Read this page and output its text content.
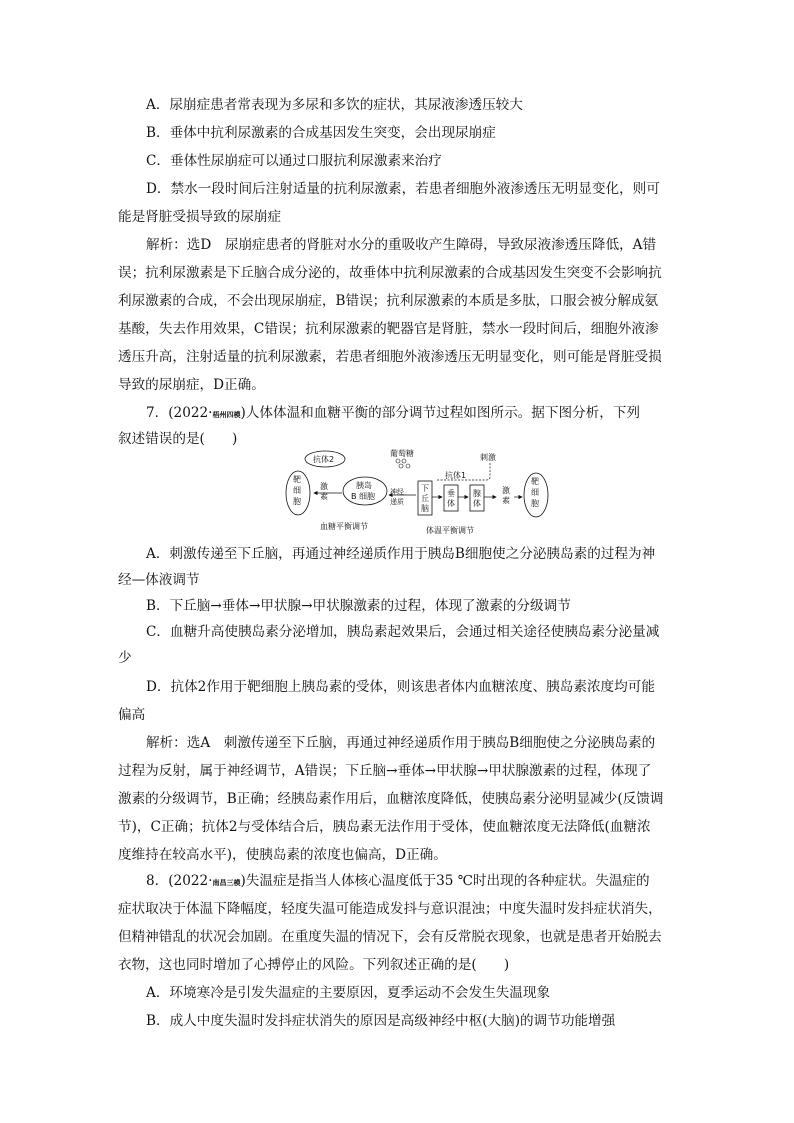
A．尿崩症患者常表现为多尿和多饮的症状，其尿液渗透压较大
B．垂体中抗利尿激素的合成基因发生突变，会出现尿崩症
C．垂体性尿崩症可以通过口服抗利尿激素来治疗
D．禁水一段时间后注射适量的抗利尿激素，若患者细胞外液渗透压无明显变化，则可
能是肾脏受损导致的尿崩症
解析：选D　尿崩症患者的肾脏对水分的重吸收产生障碍，导致尿液渗透压降低，A错
误；抗利尿激素是下丘脑合成分泌的，故垂体中抗利尿激素的合成基因发生突变不会影响抗
利尿激素的合成，不会出现尿崩症，B错误；抗利尿激素的本质是多肽，口服会被分解成氨
基酸，失去作用效果，C错误；抗利尿激素的靶器官是肾脏，禁水一段时间后，细胞外液渗
透压升高，注射适量的抗利尿激素，若患者细胞外液渗透压无明显变化，则可能是肾脏受损
导致的尿崩症，D正确。
7．(2022·梧州四模)人体体温和血糖平衡的部分调节过程如图所示。据下图分析，下列
叙述错误的是(　　)
抗体2
葡萄糖	刺激
抗体1
靶
细
胞
激
素
胰岛
B 细胞 神经
递质
下
丘
脑
垂
体
腺
体
激
素
靶
细
胞
血糖平衡调节	体温平衡调节
A．刺激传递至下丘脑，再通过神经递质作用于胰岛B细胞使之分泌胰岛素的过程为神
经—体液调节
B．下丘脑→垂体→甲状腺→甲状腺激素的过程，体现了激素的分级调节
C．血糖升高使胰岛素分泌增加，胰岛素起效果后，会通过相关途径使胰岛素分泌量减
少
D．抗体2作用于靶细胞上胰岛素的受体，则该患者体内血糖浓度、胰岛素浓度均可能
偏高
解析：选A　刺激传递至下丘脑，再通过神经递质作用于胰岛B细胞使之分泌胰岛素的
过程为反射，属于神经调节，A错误；下丘脑→垂体→甲状腺→甲状腺激素的过程，体现了
激素的分级调节，B正确；经胰岛素作用后，血糖浓度降低，使胰岛素分泌明显减少(反馈调
节)，C正确；抗体2与受体结合后，胰岛素无法作用于受体，使血糖浓度无法降低(血糖浓
度维持在较高水平)，使胰岛素的浓度也偏高，D正确。
8．(2022·南昌三模)失温症是指当人体核心温度低于35 ℃时出现的各种症状。失温症的
症状取决于体温下降幅度，轻度失温可能造成发抖与意识混浊；中度失温时发抖症状消失，
但精神错乱的状况会加剧。在重度失温的情况下，会有反常脱衣现象，也就是患者开始脱去
衣物，这也同时增加了心搏停止的风险。下列叙述正确的是(　　)
A．环境寒冷是引发失温症的主要原因，夏季运动不会发生失温现象
B．成人中度失温时发抖症状消失的原因是高级神经中枢(大脑)的调节功能增强
